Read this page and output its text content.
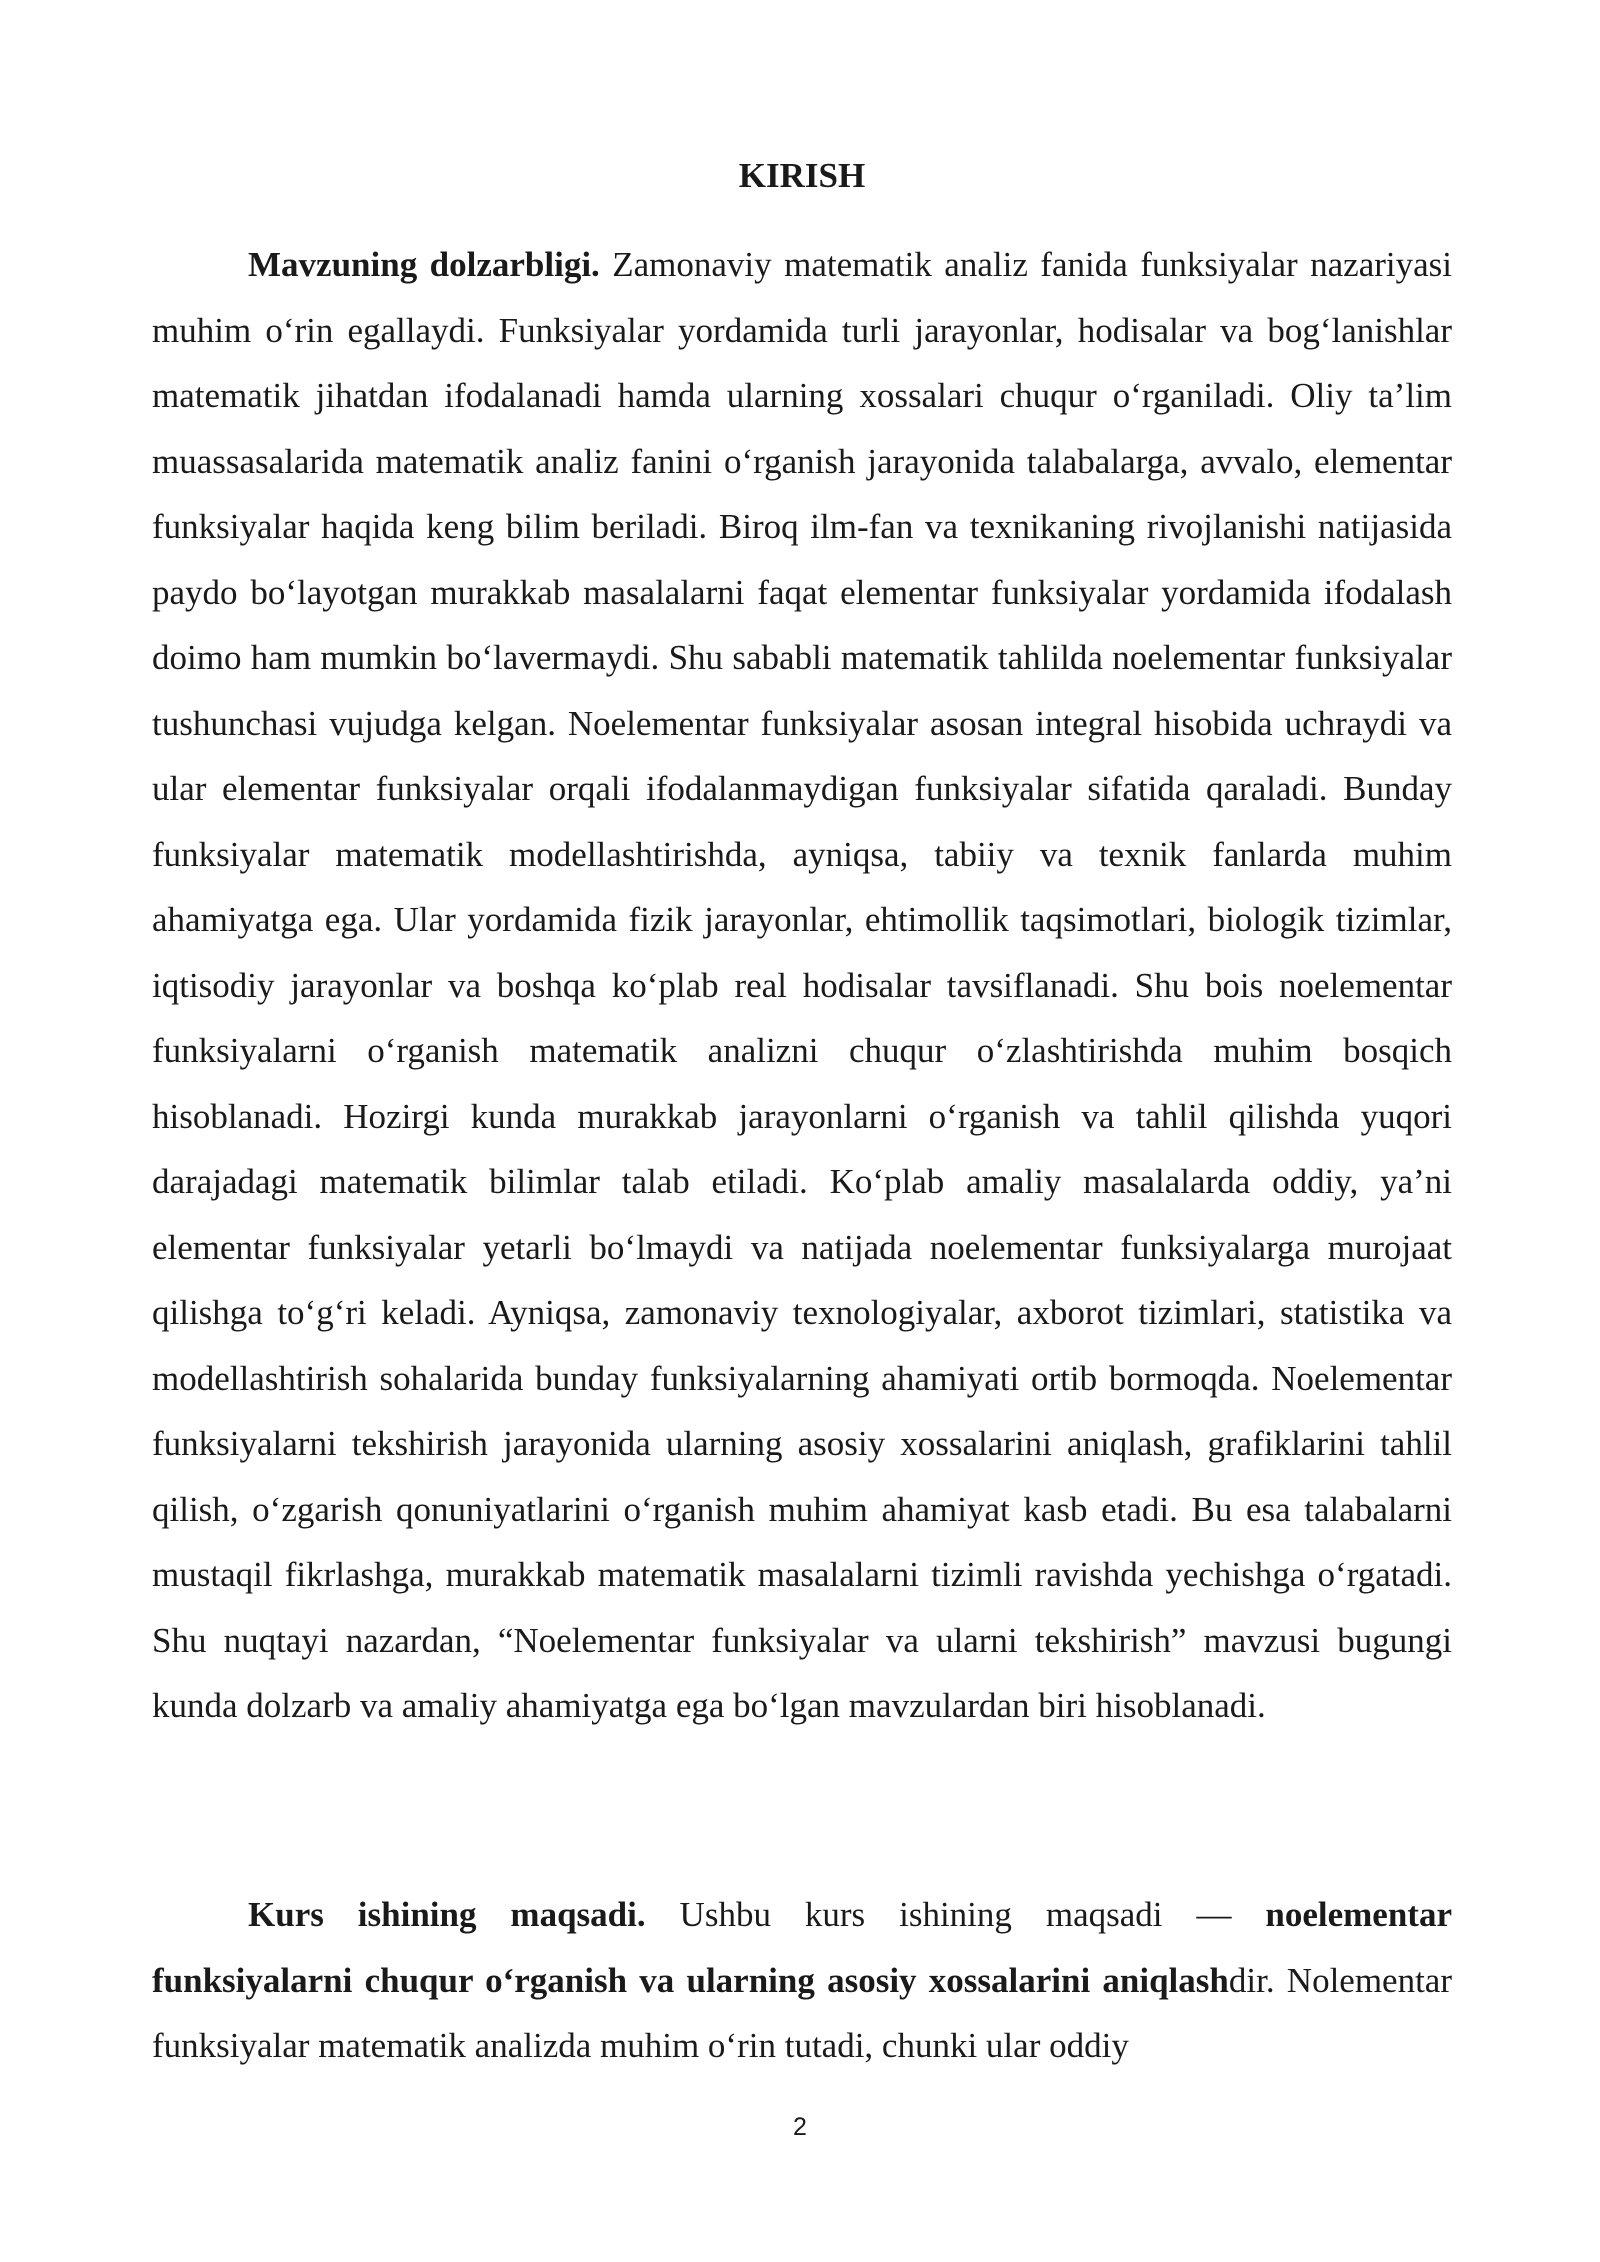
KIRISH

Mavzuning dolzarbligi. Zamonaviy matematik analiz fanida funksiyalar nazariyasi muhim o‘rin egallaydi. Funksiyalar yordamida turli jarayonlar, hodisalar va bog‘lanishlar matematik jihatdan ifodalanadi hamda ularning xossalari chuqur o‘rganiladi. Oliy ta’lim muassasalarida matematik analiz fanini o‘rganish jarayonida talabalarga, avvalo, elementar funksiyalar haqida keng bilim beriladi. Biroq ilm-fan va texnikaning rivojlanishi natijasida paydo bo‘layotgan murakkab masalalarni faqat elementar funksiyalar yordamida ifodalash doimo ham mumkin bo‘lavermaydi. Shu sababli matematik tahlilda noelementar funksiyalar tushunchasi vujudga kelgan. Noelementar funksiyalar asosan integral hisobida uchraydi va ular elementar funksiyalar orqali ifodalanmaydigan funksiyalar sifatida qaraladi. Bunday funksiyalar matematik modellashtirishda, ayniqsa, tabiiy va texnik fanlarda muhim ahamiyatga ega. Ular yordamida fizik jarayonlar, ehtimollik taqsimotlari, biologik tizimlar, iqtisodiy jarayonlar va boshqa ko‘plab real hodisalar tavsiflanadi. Shu bois noelementar funksiyalarni o‘rganish matematik analizni chuqur o‘zlashtirishda muhim bosqich hisoblanadi. Hozirgi kunda murakkab jarayonlarni o‘rganish va tahlil qilishda yuqori darajadagi matematik bilimlar talab etiladi. Ko‘plab amaliy masalalarda oddiy, ya’ni elementar funksiyalar yetarli bo‘lmaydi va natijada noelementar funksiyalarga murojaat qilishga to‘g‘ri keladi. Ayniqsa, zamonaviy texnologiyalar, axborot tizimlari, statistika va modellashtirish sohalarida bunday funksiyalarning ahamiyati ortib bormoqda. Noelementar funksiyalarni tekshirish jarayonida ularning asosiy xossalarini aniqlash, grafiklarini tahlil qilish, o‘zgarish qonuniyatlarini o‘rganish muhim ahamiyat kasb etadi. Bu esa talabalarni mustaqil fikrlashga, murakkab matematik masalalarni tizimli ravishda yechishga o‘rgatadi. Shu nuqtayi nazardan, “Noelementar funksiyalar va ularni tekshirish” mavzusi bugungi kunda dolzarb va amaliy ahamiyatga ega bo‘lgan mavzulardan biri hisoblanadi.

Kurs ishining maqsadi. Ushbu kurs ishining maqsadi — noelementar funksiyalarni chuqur o‘rganish va ularning asosiy xossalarini aniqlashdir. Nolementar funksiyalar matematik analizda muhim o‘rin tutadi, chunki ular oddiy

2
